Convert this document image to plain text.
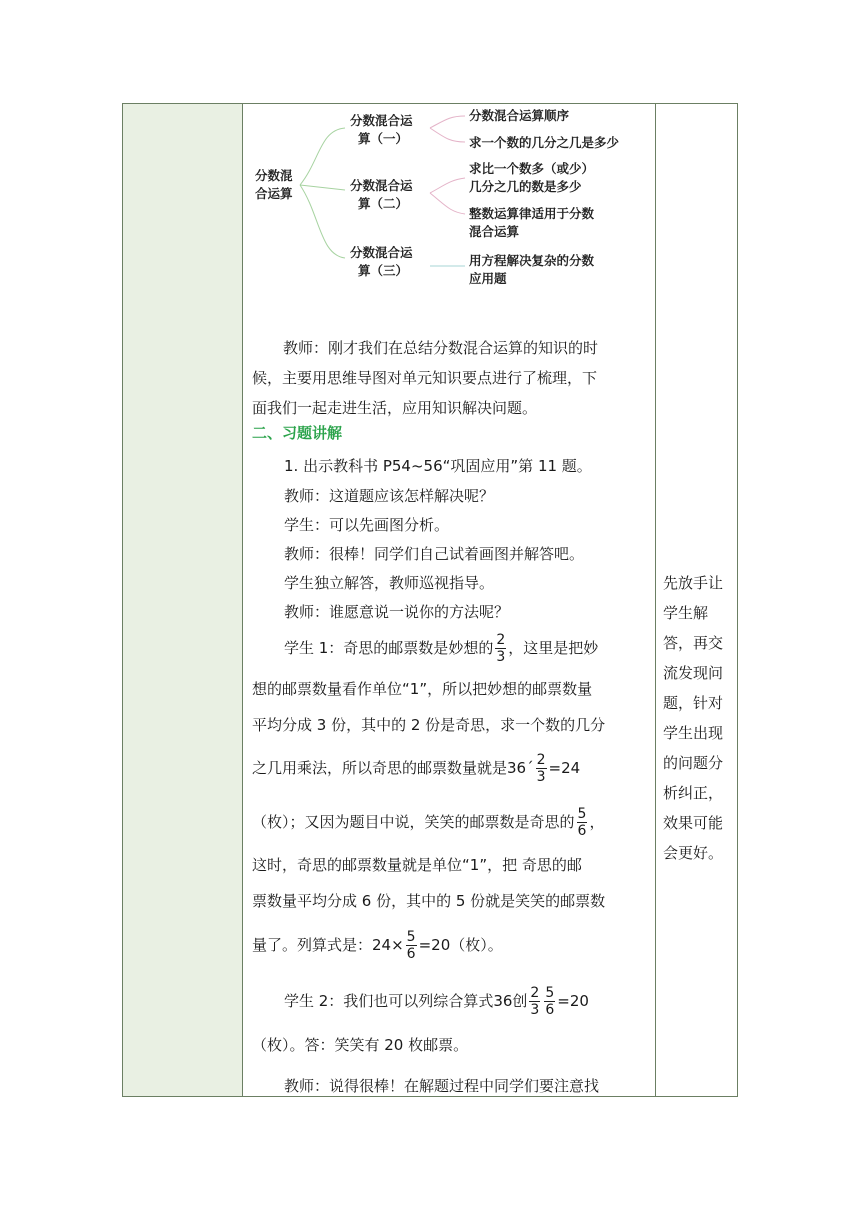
分数混 合运算
分数混合运算（一）
分数混合运算（二）
分数混合运算（三）
分数混合运算顺序
求一个数的几分之几是多少
求比一个数多（或少）几分之几的数是多少
整数运算律适用于分数混合运算
用方程解决复杂的分数应用题

教师：刚才我们在总结分数混合运算的知识的时

候，主要用思维导图对单元知识要点进行了梳理，下

面我们一起走进生活，应用知识解决问题。

二、习题讲解

1. 出示教科书 P54~56“巩固应用”第 11 题。

教师：这道题应该怎样解决呢？

学生：可以先画图分析。

教师：很棒！同学们自己试着画图并解答吧。

学生独立解答，教师巡视指导。

教师：谁愿意说一说你的方法呢？

学生 1：奇思的邮票数是妙想的 $\frac{2}{3}$ ，这里是把妙

想的邮票数量看作单位“1”，所以把妙想的邮票数量

平均分成 3 份，其中的 2 份是奇思，求一个数的几分

之几用乘法，所以奇思的邮票数量就是36´ $\frac{2}{3} =24$

（枚）；又因为题目中说，笑笑的邮票数是奇思的 $\frac{5}{6}$ ，

这时，奇思的邮票数量就是单位“1”，把 奇思的邮

票数量平均分成 6 份，其中的 5 份就是笑笑的邮票数

量了。列算式是：$24\times \frac{5}{6} =20$（枚）。

学生 2：我们也可以列综合算式36创 $\frac{2}{3} \frac{5}{6} =20$

（枚）。答：笑笑有 20 枚邮票。

教师：说得很棒！在解题过程中同学们要注意找

先放手让学生解答，再交流发现问题，针对学生出现的问题分析纠正，效果可能会更好。
